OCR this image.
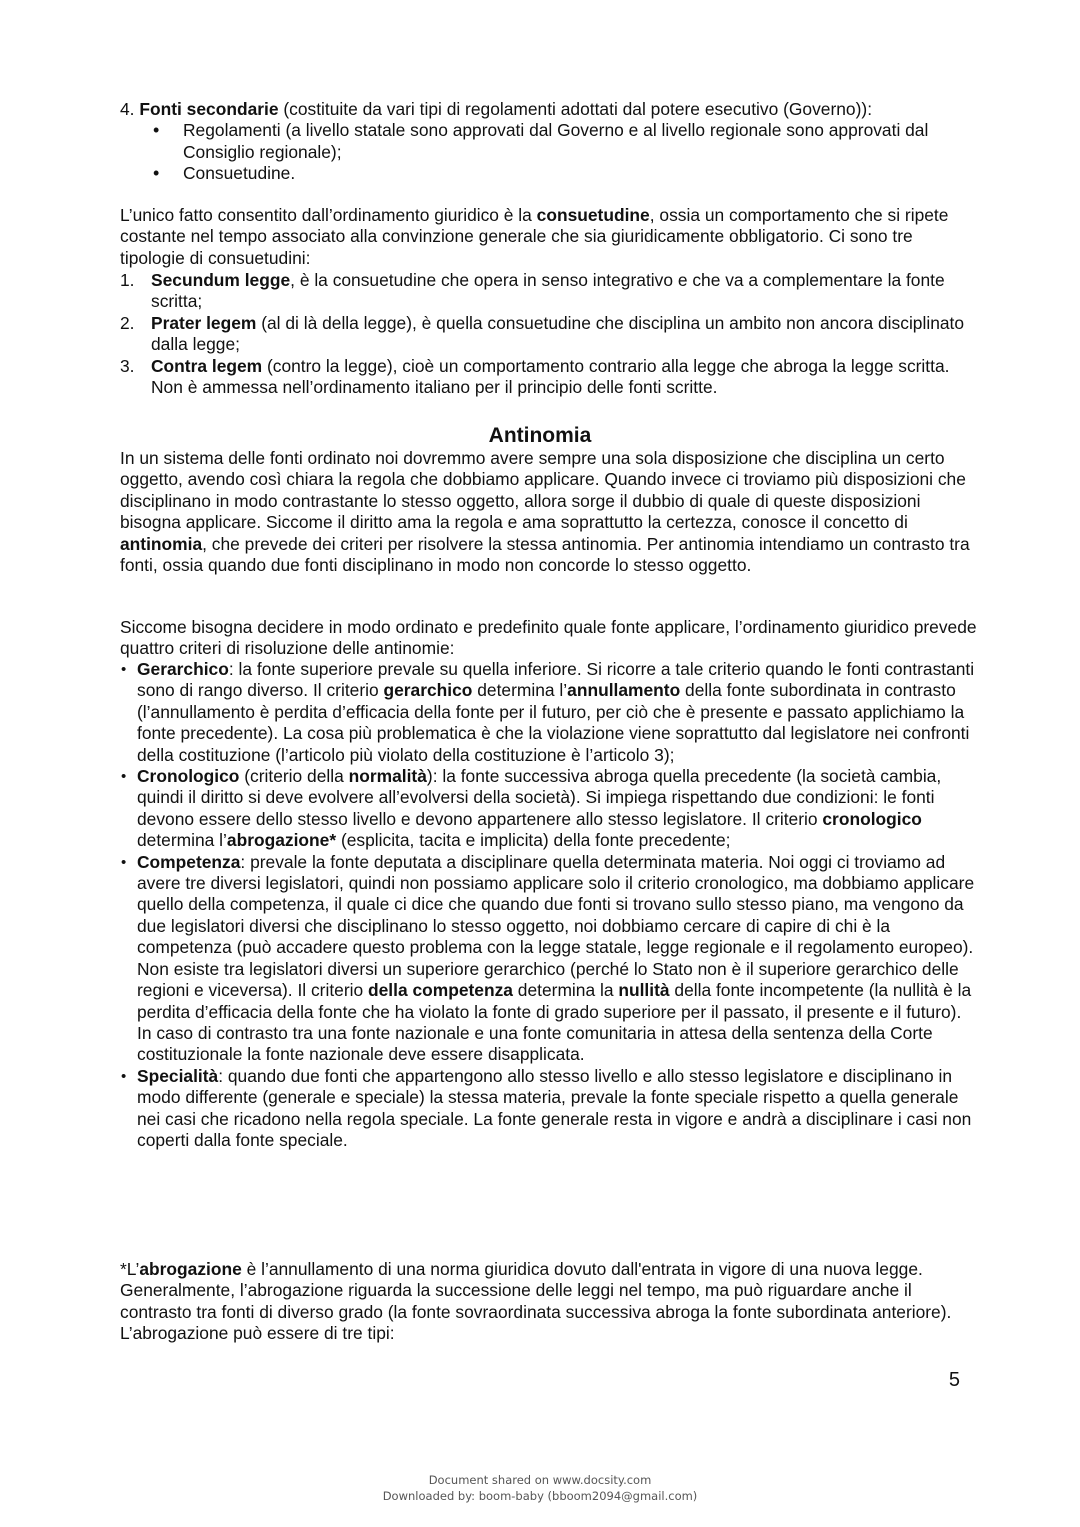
4. Fonti secondarie (costituite da vari tipi di regolamenti adottati dal potere esecutivo (Governo)):
• Regolamenti (a livello statale sono approvati dal Governo e al livello regionale sono approvati dal Consiglio regionale);
• Consuetudine.
L’unico fatto consentito dall’ordinamento giuridico è la consuetudine, ossia un comportamento che si ripete costante nel tempo associato alla convinzione generale che sia giuridicamente obbligatorio. Ci sono tre tipologie di consuetudini:
1. Secundum legge, è la consuetudine che opera in senso integrativo e che va a complementare la fonte scritta;
2. Prater legem (al di là della legge), è quella consuetudine che disciplina un ambito non ancora disciplinato dalla legge;
3. Contra legem (contro la legge), cioè un comportamento contrario alla legge che abroga la legge scritta. Non è ammessa nell’ordinamento italiano per il principio delle fonti scritte.
Antinomia
In un sistema delle fonti ordinato noi dovremmo avere sempre una sola disposizione che disciplina un certo oggetto, avendo così chiara la regola che dobbiamo applicare. Quando invece ci troviamo più disposizioni che disciplinano in modo contrastante lo stesso oggetto, allora sorge il dubbio di quale di queste disposizioni bisogna applicare. Siccome il diritto ama la regola e ama soprattutto la certezza, conosce il concetto di antinomia, che prevede dei criteri per risolvere la stessa antinomia. Per antinomia intendiamo un contrasto tra fonti, ossia quando due fonti disciplinano in modo non concorde lo stesso oggetto.
Siccome bisogna decidere in modo ordinato e predefinito quale fonte applicare, l’ordinamento giuridico prevede quattro criteri di risoluzione delle antinomie:
• Gerarchico: la fonte superiore prevale su quella inferiore. Si ricorre a tale criterio quando le fonti contrastanti sono di rango diverso. Il criterio gerarchico determina l’annullamento della fonte subordinata in contrasto (l’annullamento è perdita d’efficacia della fonte per il futuro, per ciò che è presente e passato applichiamo la fonte precedente). La cosa più problematica è che la violazione viene soprattutto dal legislatore nei confronti della costituzione (l’articolo più violato della costituzione è l’articolo 3);
• Cronologico (criterio della normalità): la fonte successiva abroga quella precedente (la società cambia, quindi il diritto si deve evolvere all’evolversi della società). Si impiega rispettando due condizioni: le fonti devono essere dello stesso livello e devono appartenere allo stesso legislatore. Il criterio cronologico determina l’abrogazione* (esplicita, tacita e implicita) della fonte precedente;
• Competenza: prevale la fonte deputata a disciplinare quella determinata materia. Noi oggi ci troviamo ad avere tre diversi legislatori, quindi non possiamo applicare solo il criterio cronologico, ma dobbiamo applicare quello della competenza, il quale ci dice che quando due fonti si trovano sullo stesso piano, ma vengono da due legislatori diversi che disciplinano lo stesso oggetto, noi dobbiamo cercare di capire di chi è la competenza (può accadere questo problema con la legge statale, legge regionale e il regolamento europeo). Non esiste tra legislatori diversi un superiore gerarchico (perché lo Stato non è il superiore gerarchico delle regioni e viceversa). Il criterio della competenza determina la nullità della fonte incompetente (la nullità è la perdita d’efficacia della fonte che ha violato la fonte di grado superiore per il passato, il presente e il futuro). In caso di contrasto tra una fonte nazionale e una fonte comunitaria in attesa della sentenza della Corte costituzionale la fonte nazionale deve essere disapplicata.
• Specialità: quando due fonti che appartengono allo stesso livello e allo stesso legislatore e disciplinano in modo differente (generale e speciale) la stessa materia, prevale la fonte speciale rispetto a quella generale nei casi che ricadono nella regola speciale. La fonte generale resta in vigore e andrà a disciplinare i casi non coperti dalla fonte speciale.
*L’abrogazione è l’annullamento di una norma giuridica dovuto dall'entrata in vigore di una nuova legge. Generalmente, l’abrogazione riguarda la successione delle leggi nel tempo, ma può riguardare anche il contrasto tra fonti di diverso grado (la fonte sovraordinata successiva abroga la fonte subordinata anteriore). L’abrogazione può essere di tre tipi:
5
Document shared on www.docsity.com
Downloaded by: boom-baby (bboom2094@gmail.com)
